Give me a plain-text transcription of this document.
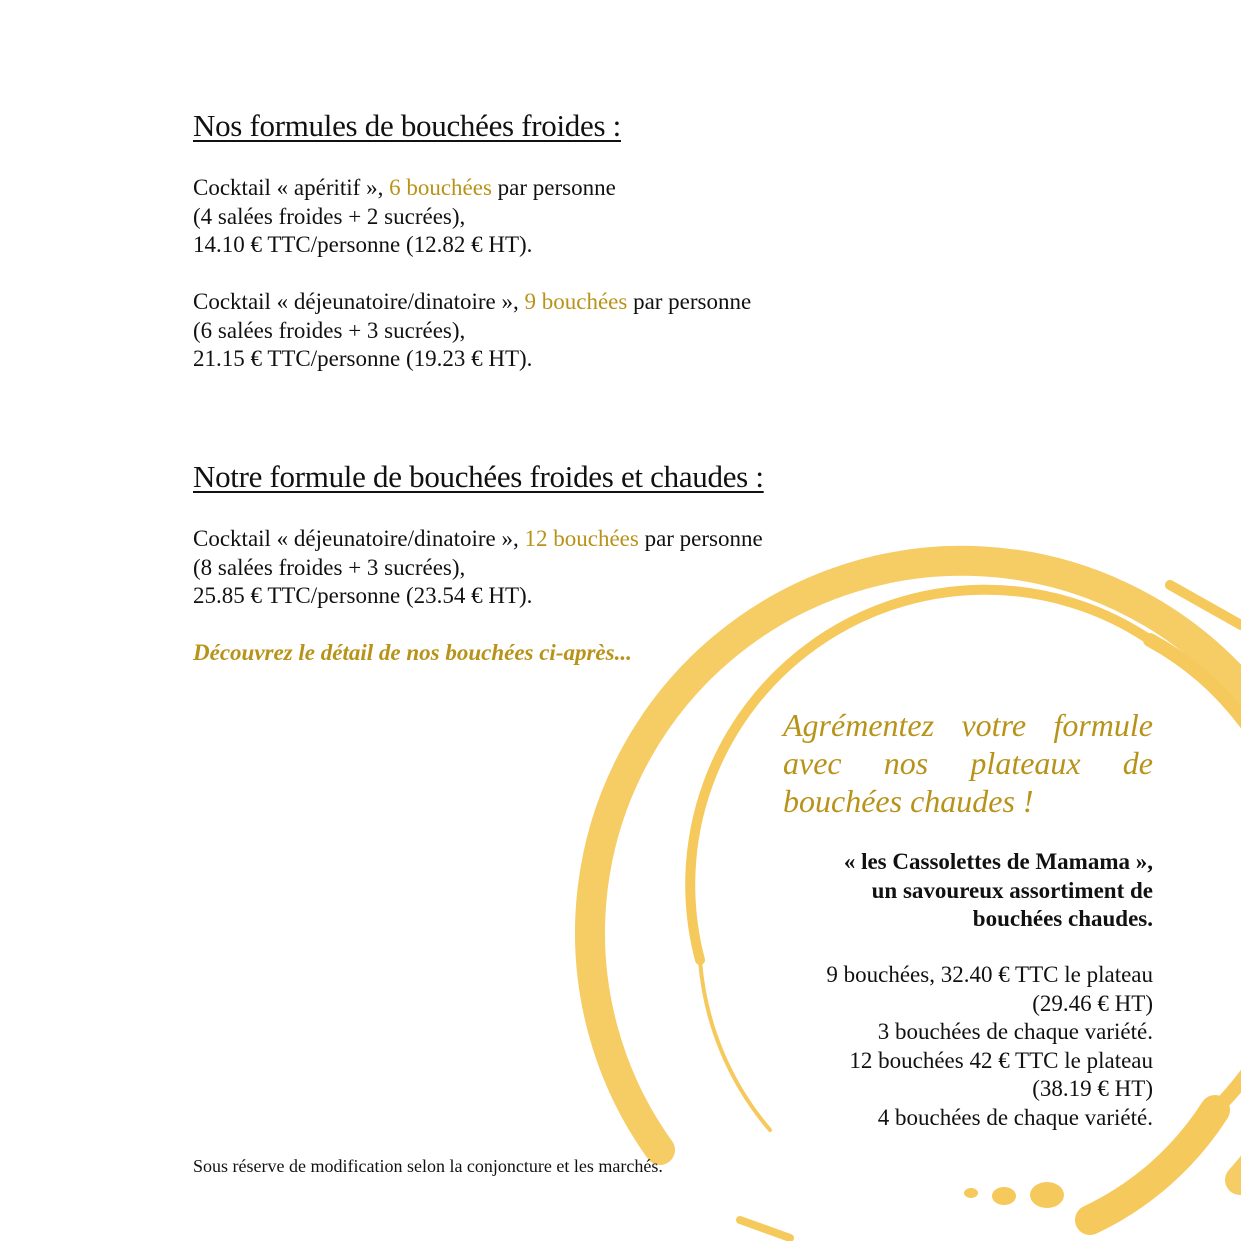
Nos formules de bouchées froides :
Cocktail « apéritif », 6 bouchées par personne
(4 salées froides + 2 sucrées),
14.10 € TTC/personne (12.82 € HT).
Cocktail « déjeunatoire/dinatoire », 9 bouchées par personne
(6 salées froides + 3 sucrées),
21.15 € TTC/personne (19.23 € HT).
Notre formule de bouchées froides et chaudes :
Cocktail « déjeunatoire/dinatoire », 12 bouchées par personne
(8 salées froides + 3 sucrées),
25.85 € TTC/personne (23.54 € HT).
Découvrez le détail de nos bouchées ci-après...
Agrémentez votre formule
avec nos plateaux de
bouchées chaudes !
« les Cassolettes de Mamama »,
un savoureux assortiment de
bouchées chaudes.
9 bouchées, 32.40 € TTC le plateau
(29.46 € HT)
3 bouchées de chaque variété.
12 bouchées 42 € TTC le plateau
(38.19 € HT)
4 bouchées de chaque variété.
Sous réserve de modification selon la conjoncture et les marchés.
